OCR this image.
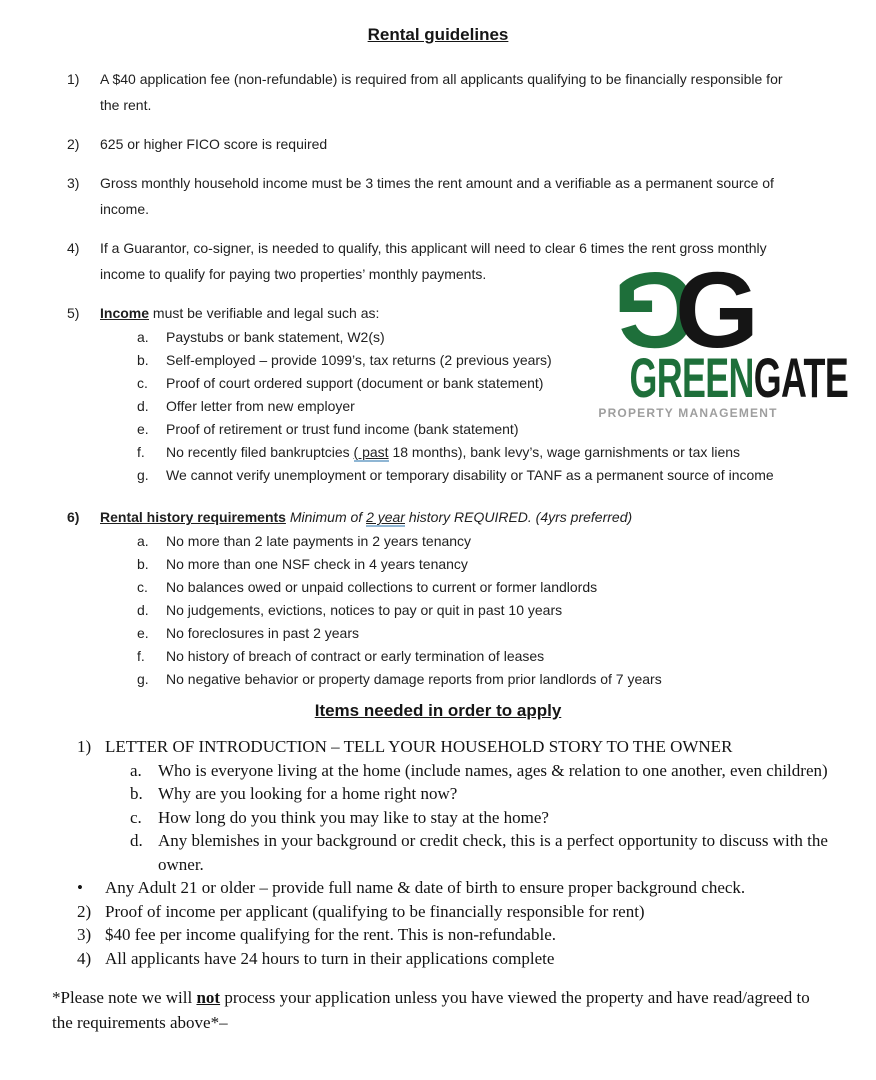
Rental guidelines
G
G
GREENGATE
PROPERTY MANAGEMENT
1)	A $40 application fee (non-refundable) is required from all applicants qualifying to be financially responsible for the rent.
2)	625 or higher FICO score is required
3)	Gross monthly household income must be 3 times the rent amount and a verifiable as a permanent source of income.
4)	If a Guarantor, co-signer, is needed to qualify, this applicant will need to clear 6 times the rent gross monthly income to qualify for paying two properties’ monthly payments.
5)	Income must be verifiable and legal such as:
a.	Paystubs or bank statement, W2(s)
b.	Self-employed – provide 1099’s, tax returns (2 previous years)
c.	Proof of court ordered support (document or bank statement)
d.	Offer letter from new employer
e.	Proof of retirement or trust fund income (bank statement)
f.	No recently filed bankruptcies ( past 18 months), bank levy’s, wage garnishments or tax liens
g.	We cannot verify unemployment or temporary disability or TANF as a permanent source of income
6)	Rental history requirements Minimum of 2 year history REQUIRED. (4yrs preferred)
a.	No more than 2 late payments in 2 years tenancy
b.	No more than one NSF check in 4 years tenancy
c.	No balances owed or unpaid collections to current or former landlords
d.	No judgements, evictions, notices to pay or quit in past 10 years
e.	No foreclosures in past 2 years
f.	No history of breach of contract or early termination of leases
g.	No negative behavior or property damage reports from prior landlords of 7 years
Items needed in order to apply
1) LETTER OF INTRODUCTION – TELL YOUR HOUSEHOLD STORY TO THE OWNER
a. Who is everyone living at the home (include names, ages & relation to one another, even children)
b. Why are you looking for a home right now?
c. How long do you think you may like to stay at the home?
d. Any blemishes in your background or credit check, this is a perfect opportunity to discuss with the owner.
•	Any Adult 21 or older – provide full name & date of birth to ensure proper background check.
2) Proof of income per applicant (qualifying to be financially responsible for rent)
3) $40 fee per income qualifying for the rent. This is non-refundable.
4) All applicants have 24 hours to turn in their applications complete

*Please note we will not process your application unless you have viewed the property and have read/agreed to the requirements above*–
